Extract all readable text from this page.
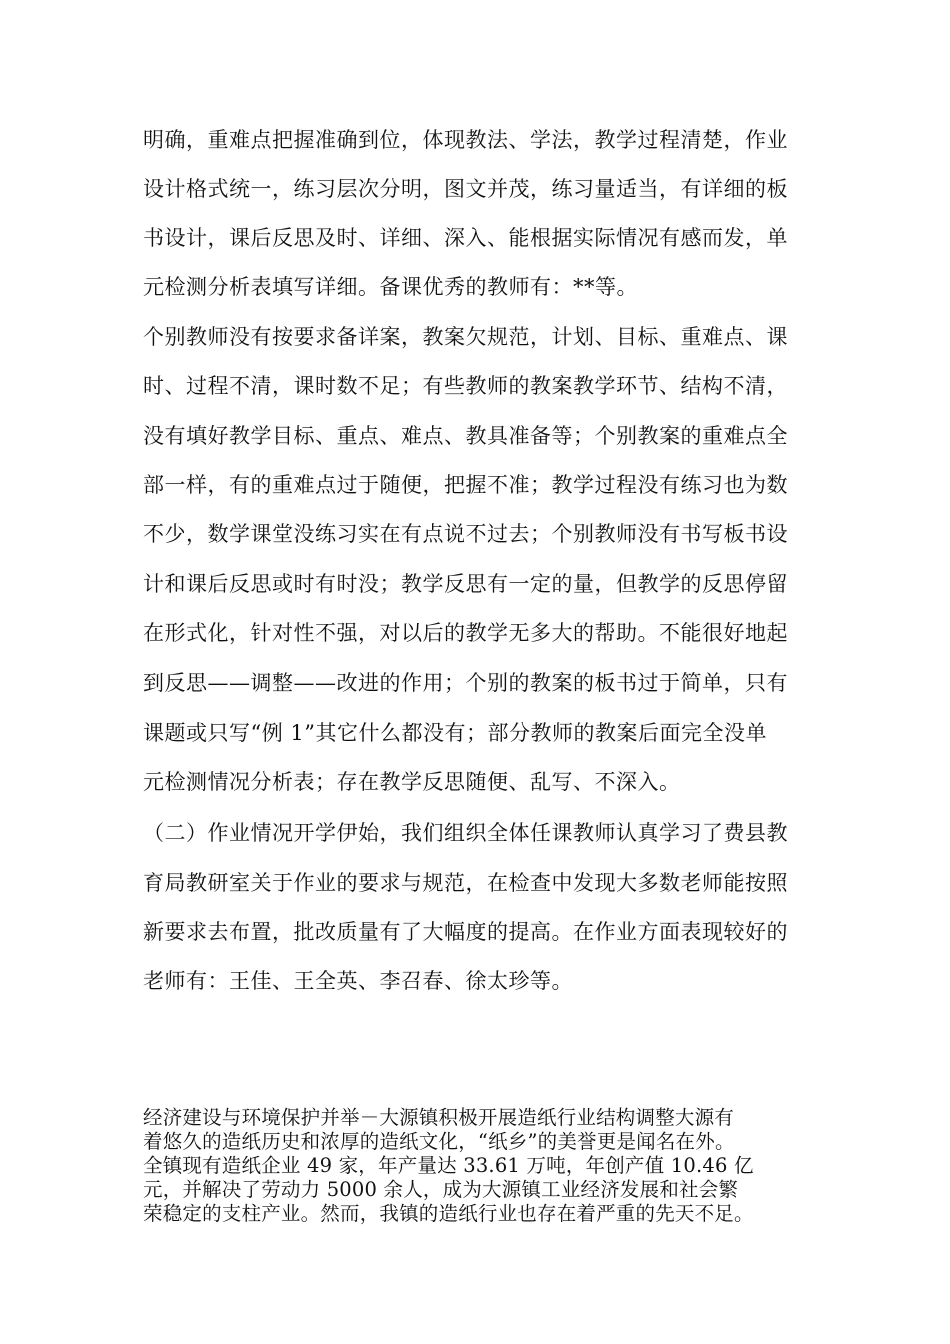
明确，重难点把握准确到位，体现教法、学法，教学过程清楚，作业
设计格式统一，练习层次分明，图文并茂，练习量适当，有详细的板
书设计，课后反思及时、详细、深入、能根据实际情况有感而发，单
元检测分析表填写详细。备课优秀的教师有：**等。
个别教师没有按要求备详案，教案欠规范，计划、目标、重难点、课
时、过程不清，课时数不足；有些教师的教案教学环节、结构不清，
没有填好教学目标、重点、难点、教具准备等；个别教案的重难点全
部一样，有的重难点过于随便，把握不准；教学过程没有练习也为数
不少，数学课堂没练习实在有点说不过去；个别教师没有书写板书设
计和课后反思或时有时没；教学反思有一定的量，但教学的反思停留
在形式化，针对性不强，对以后的教学无多大的帮助。不能很好地起
到反思——调整——改进的作用；个别的教案的板书过于简单，只有
课题或只写“例 1”其它什么都没有；部分教师的教案后面完全没单
元检测情况分析表；存在教学反思随便、乱写、不深入。
（二）作业情况开学伊始，我们组织全体任课教师认真学习了费县教
育局教研室关于作业的要求与规范，在检查中发现大多数老师能按照
新要求去布置，批改质量有了大幅度的提高。在作业方面表现较好的
老师有：王佳、王全英、李召春、徐太珍等。
经济建设与环境保护并举－大源镇积极开展造纸行业结构调整大源有
着悠久的造纸历史和浓厚的造纸文化，“纸乡”的美誉更是闻名在外。
全镇现有造纸企业 49 家，年产量达 33.61 万吨，年创产值 10.46 亿
元，并解决了劳动力 5000 余人，成为大源镇工业经济发展和社会繁
荣稳定的支柱产业。然而，我镇的造纸行业也存在着严重的先天不足。
